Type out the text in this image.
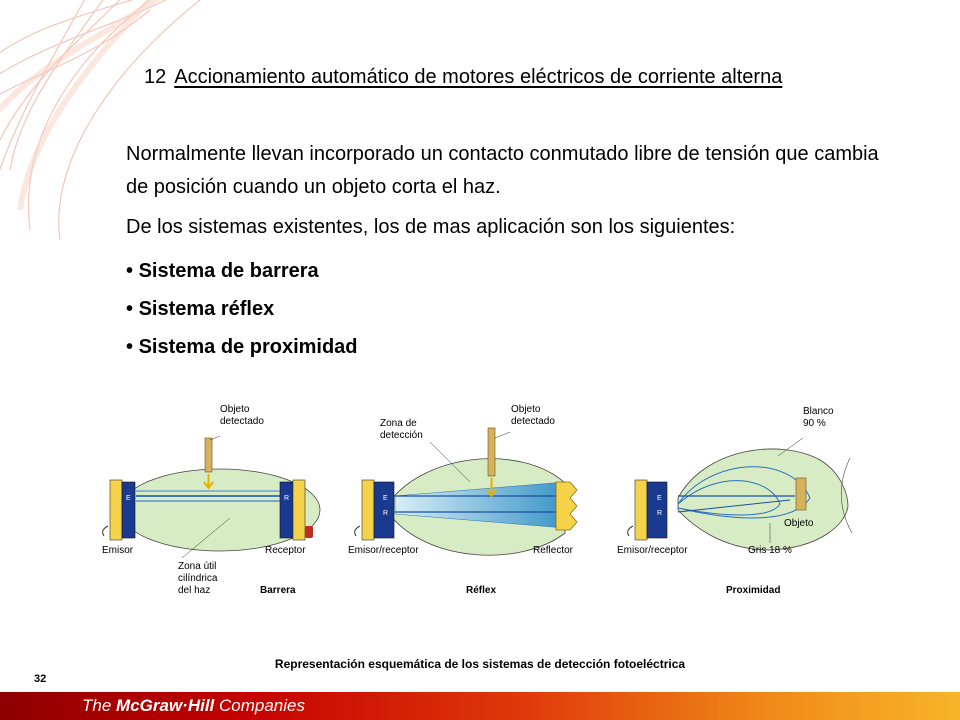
12 Accionamiento automático de motores eléctricos de corriente alterna
Normalmente llevan incorporado un contacto conmutado libre de tensión que cambia de posición cuando un objeto corta el haz.
De los sistemas existentes, los de mas aplicación son los siguientes:
• Sistema de barrera
• Sistema réflex
• Sistema de proximidad
E	R
Objeto
detectado
Emisor	Receptor
Zona útil
cilíndrica
del haz	Barrera
E
R
Zona de
detección
Objeto
detectado
Emisor/receptor	Reflector
Réflex
E
R
Blanco
90 %
Objeto
Emisor/receptor	Gris 18 %
Proximidad
Representación esquemática de los sistemas de detección fotoeléctrica
32
The McGraw·Hill Companies
